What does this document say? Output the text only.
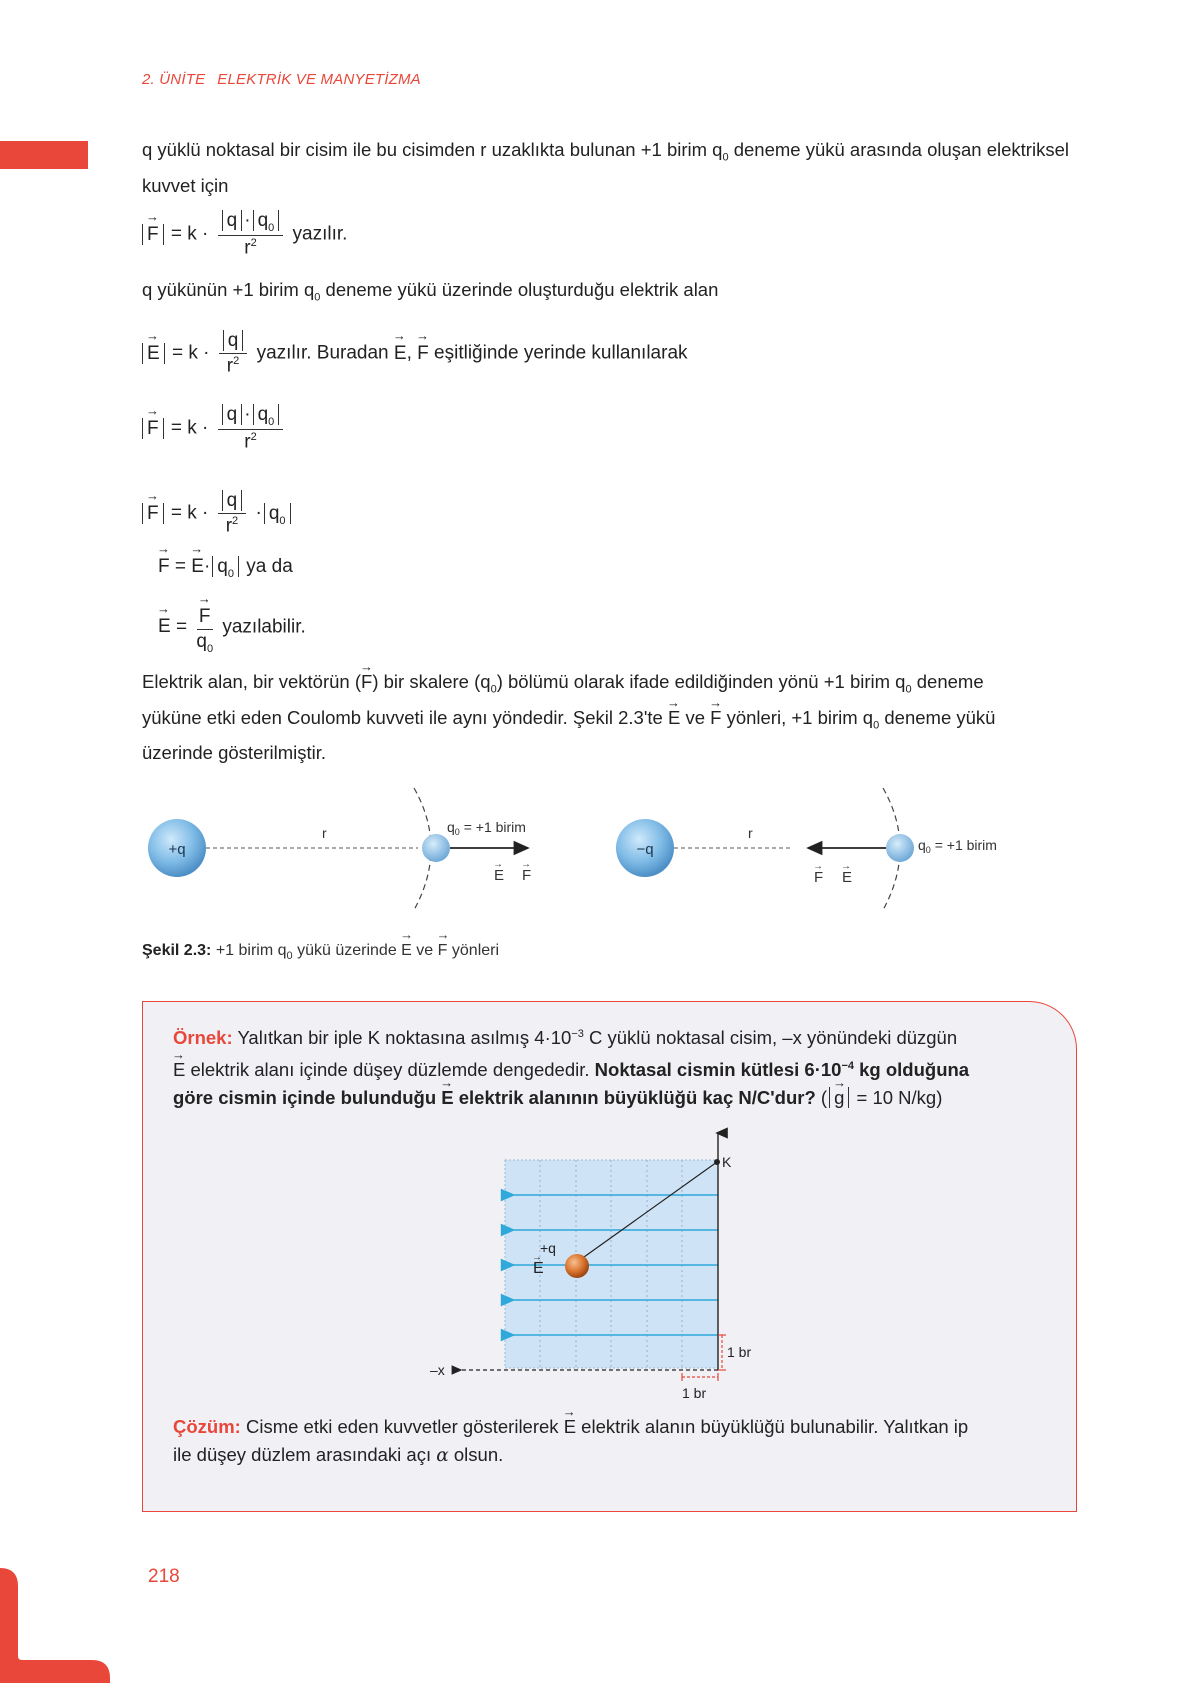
2. ÜNİTE ELEKTRİK VE MANYETİZMA
q yüklü noktasal bir cisim ile bu cisimden r uzaklıkta bulunan +1 birim $q_0$ deneme yükü arasında oluşan elektriksel kuvvet için
→ $F = k \cdot \frac{q \cdot q_0}{r^2}$ yazılır.
q yükünün +1 birim $q_0$ deneme yükü üzerinde oluşturduğu elektrik alan
→ $E = k \cdot \frac{q}{r^2}$ yazılır. Buradan → E, → F eşitliğinde yerinde kullanılarak
→ $F = k \cdot \frac{q \cdot q_0}{r^2}$
→ $F = k \cdot \frac{q}{r^2} \cdot q_0$
→ F = → $E\cdot q_0$ ya da
→ E = → $\frac{F}{q_0}$ yazılabilir.
Elektrik alan, bir vektörün (→ F) bir skalere $(q_0)$ bölümü olarak ifade edildiğinden yönü +1 birim $q_0$ deneme
yüküne etki eden Coulomb kuvveti ile aynı yöndedir. Şekil 2.3'te → E ve → F yönleri, +1 birim $q_0$ deneme yükü
üzerinde gösterilmiştir.
+q
r	$q_0 = +1$ birim
E F
→ →
−q
r
$q_0 = +1$ birim
F E
→ →
Şekil 2.3: +1 birim $q_0$ yükü üzerinde → E ve → F yönleri
Örnek: Yalıtkan bir iple K noktasına asılmış $4\cdot 10^{-3}$ C yüklü noktasal cisim, –x yönündeki düzgün
→ E elektrik alanı içinde düşey düzlemde dengededir. Noktasal cismin kütlesi $6\cdot 10^{-4}$ kg olduğuna
göre cismin içinde bulunduğu → E elektrik alanının büyüklüğü kaç N/C'dur? ( → g = 10 N/kg)
–x
K
+q
E
→
1 br
1 br
Çözüm: Cisme etki eden kuvvetler gösterilerek → E elektrik alanın büyüklüğü bulunabilir. Yalıtkan ip
ile düşey düzlem arasındaki açı α olsun.
218
